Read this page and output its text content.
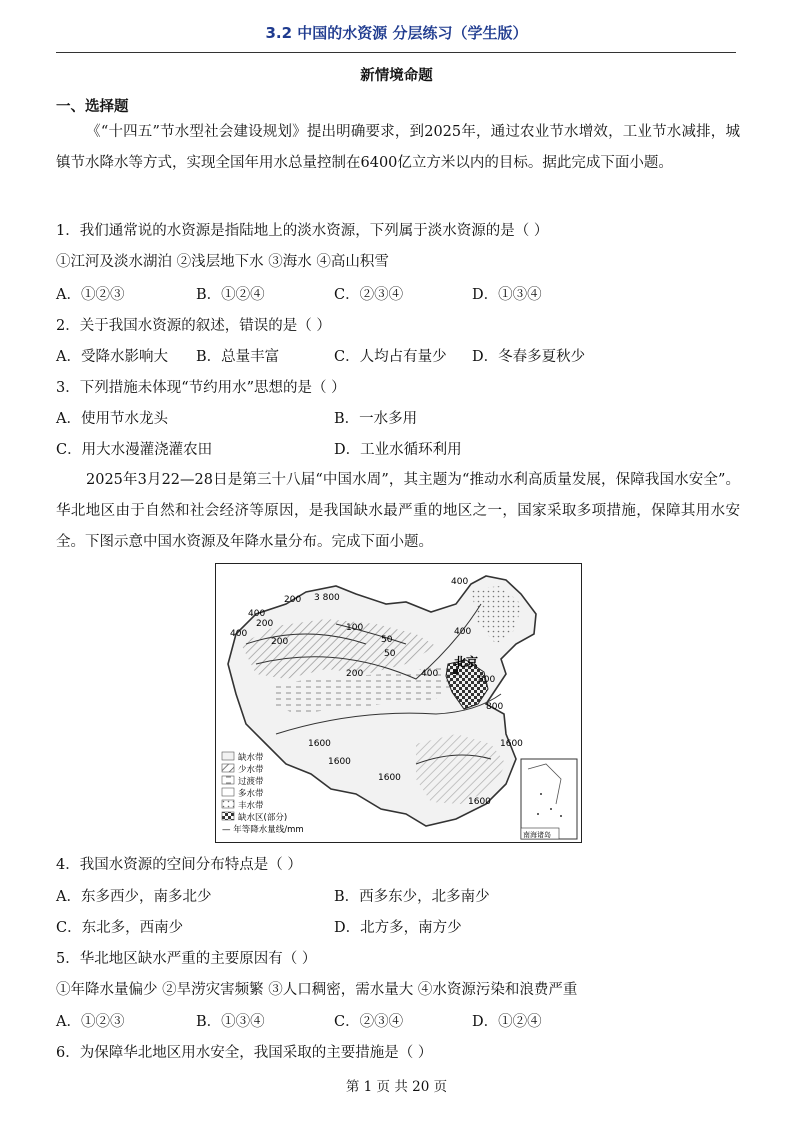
3.2 中国的水资源 分层练习（学生版）
新情境命题
一、选择题
《“十四五”节水型社会建设规划》提出明确要求，到2025年，通过农业节水增效，工业节水减排，城镇节水降水等方式，实现全国年用水总量控制在6400亿立方米以内的目标。据此完成下面小题。
1．我们通常说的水资源是指陆地上的淡水资源，下列属于淡水资源的是（ ）
①江河及淡水湖泊 ②浅层地下水 ③海水 ④高山积雪
A．①②③	B．①②④	C．②③④	D．①③④
2．关于我国水资源的叙述，错误的是（ ）
A．受降水影响大 B．总量丰富	C．人均占有量少 D．冬春多夏秋少
3．下列措施未体现“节约用水”思想的是（ ）
A．使用节水龙头	B．一水多用
C．用大水漫灌浇灌农田	D．工业水循环利用
2025年3月22—28日是第三十八届“中国水周”，其主题为“推动水利高质量发展，保障我国水安全”。华北地区由于自然和社会经济等原因，是我国缺水最严重的地区之一，国家采取多项措施，保障其用水安全。下图示意中国水资源及年降水量分布。完成下面小题。
400
200 3 800
50
100
400
400
200
200	50
400
200	400
800
800
1600
1600
1600
1600
1600
北京
缺水带
少水带
过渡带
多水带
丰水带
缺水区(部分)
— 年等降水量线/mm	南海诸岛
4．我国水资源的空间分布特点是（ ）
A．东多西少，南多北少	B．西多东少，北多南少
C．东北多，西南少	D．北方多，南方少
5．华北地区缺水严重的主要原因有（ ）
①年降水量偏少 ②旱涝灾害频繁 ③人口稠密，需水量大 ④水资源污染和浪费严重
A．①②③	B．①③④	C．②③④	D．①②④
6．为保障华北地区用水安全，我国采取的主要措施是（ ）
第 1 页 共 20 页
